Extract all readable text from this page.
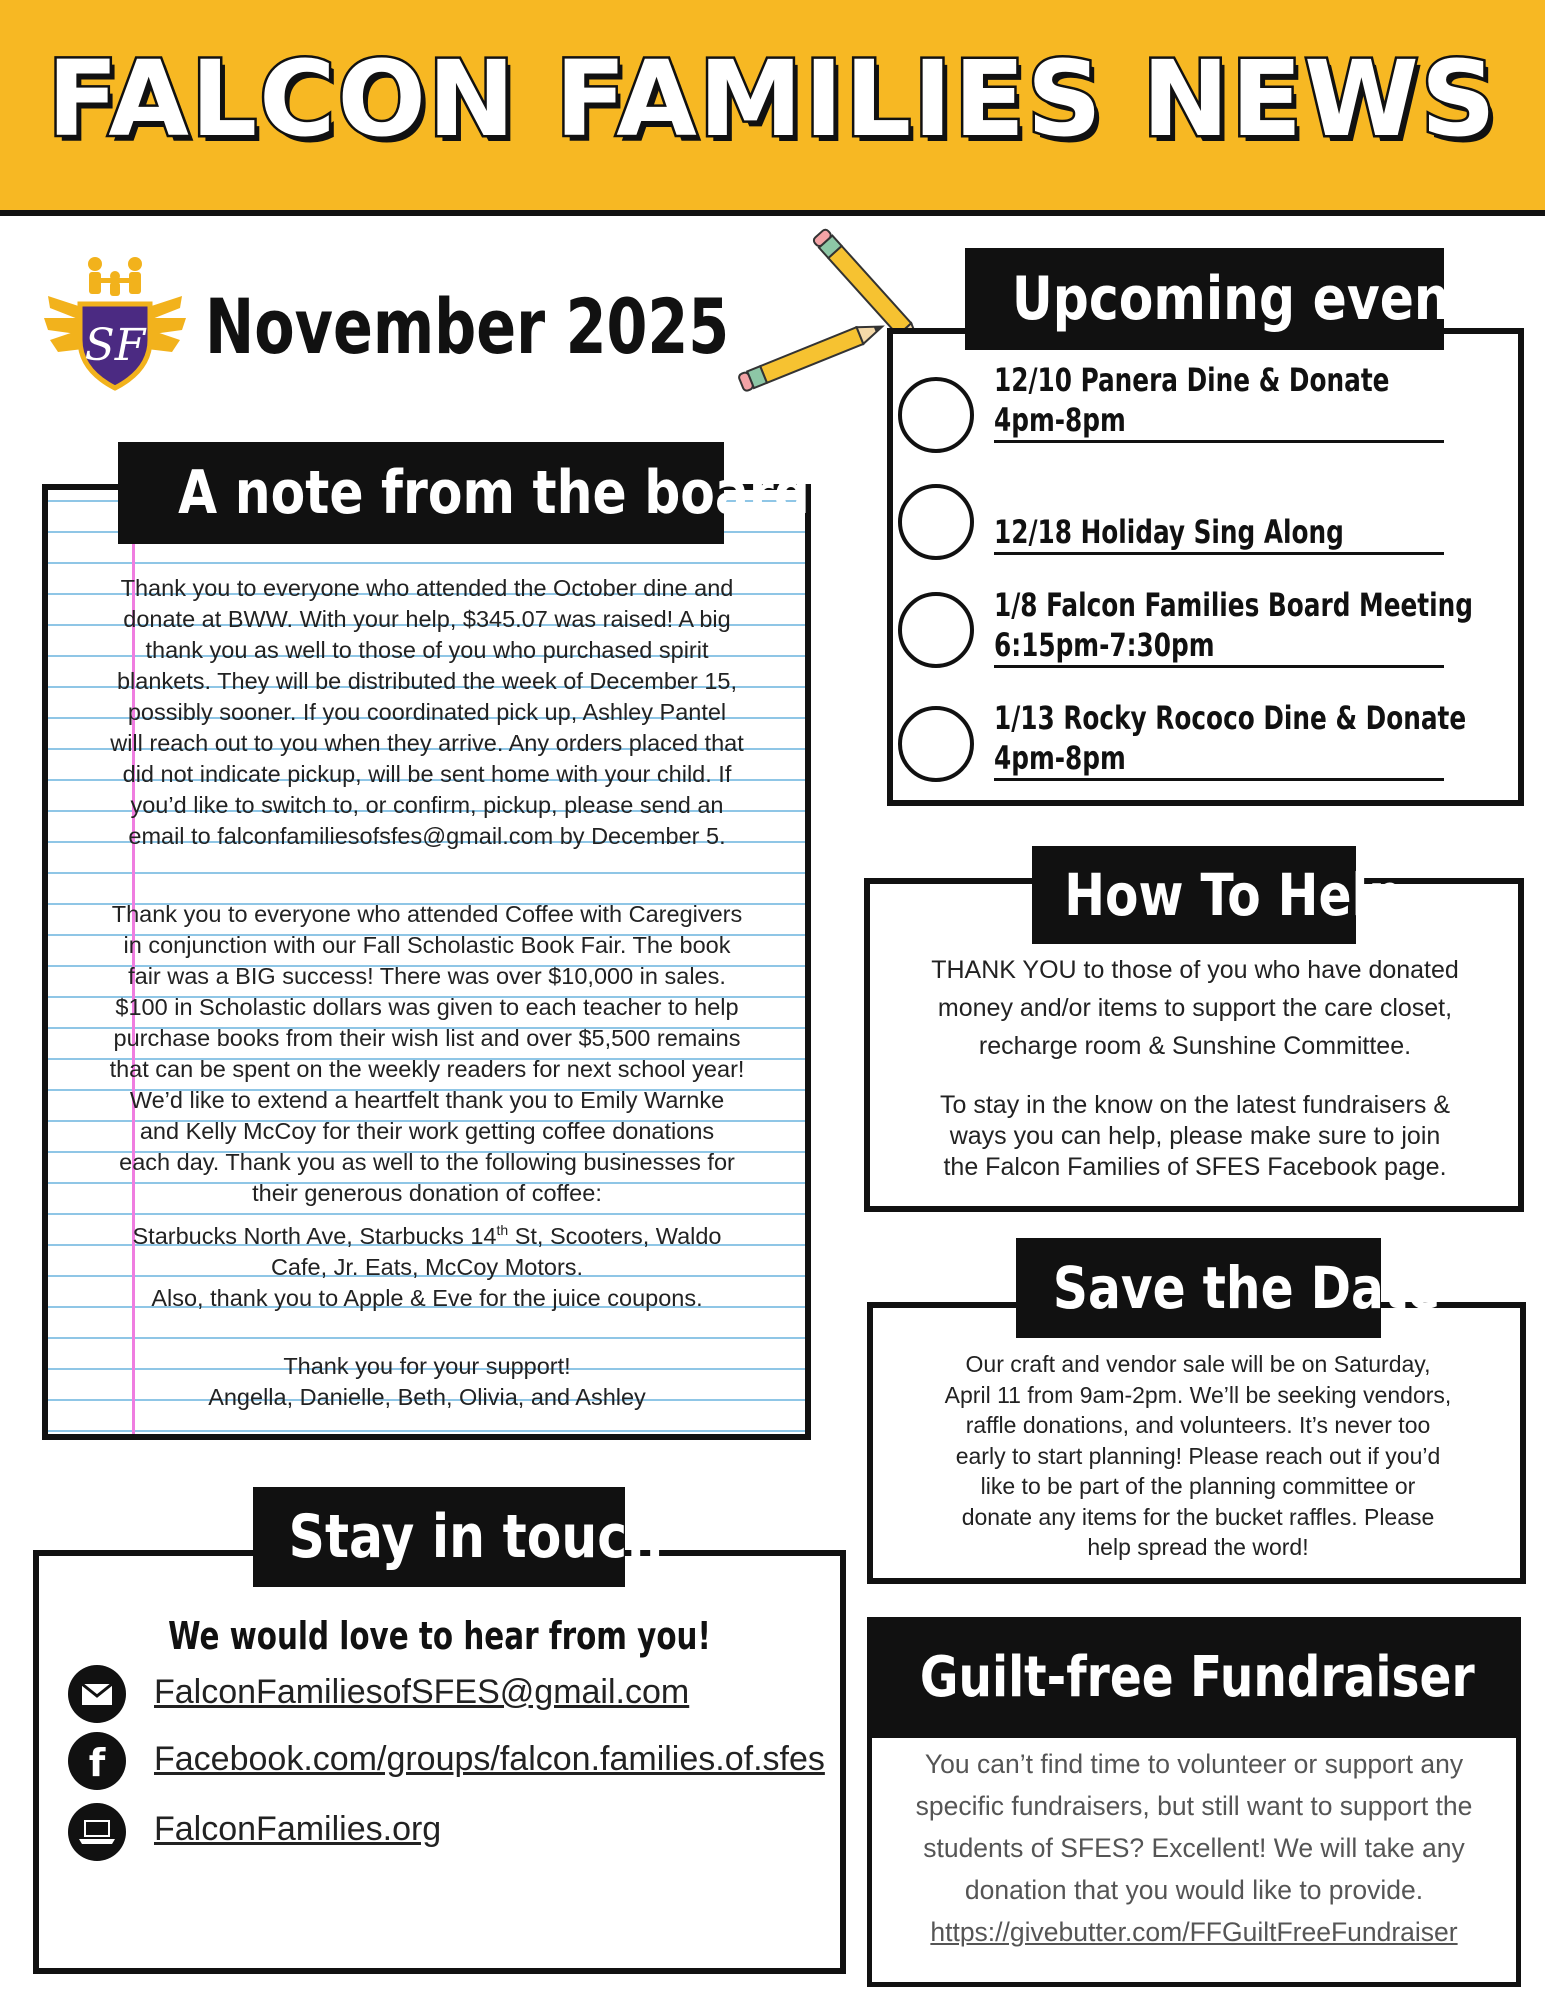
FALCON FAMILIES NEWS
SF November 2025
A note from the board
Thank you to everyone who attended the October dine and
donate at BWW. With your help, $345.07 was raised! A big
thank you as well to those of you who purchased spirit
blankets. They will be distributed the week of December 15,
possibly sooner. If you coordinated pick up, Ashley Pantel
will reach out to you when they arrive. Any orders placed that
did not indicate pickup, will be sent home with your child. If
you’d like to switch to, or confirm, pickup, please send an
email to falconfamiliesofsfes@gmail.com by December 5.
Thank you to everyone who attended Coffee with Caregivers
in conjunction with our Fall Scholastic Book Fair. The book
fair was a BIG success! There was over $10,000 in sales.
$100 in Scholastic dollars was given to each teacher to help
purchase books from their wish list and over $5,500 remains
that can be spent on the weekly readers for next school year!
We’d like to extend a heartfelt thank you to Emily Warnke
and Kelly McCoy for their work getting coffee donations
each day. Thank you as well to the following businesses for
their generous donation of coffee:
Starbucks North Ave, Starbucks 14th St, Scooters, Waldo
Cafe, Jr. Eats, McCoy Motors.
Also, thank you to Apple & Eve for the juice coupons.
Thank you for your support!
Angella, Danielle, Beth, Olivia, and Ashley
Upcoming events
12/10 Panera Dine & Donate
4pm-8pm
12/18 Holiday Sing Along
1/8 Falcon Families Board Meeting
6:15pm-7:30pm
1/13 Rocky Rococo Dine & Donate
4pm-8pm
How To Help
THANK YOU to those of you who have donated
money and/or items to support the care closet,
recharge room & Sunshine Committee.
To stay in the know on the latest fundraisers &
ways you can help, please make sure to join
the Falcon Families of SFES Facebook page.
Save the Date
Our craft and vendor sale will be on Saturday,
April 11 from 9am-2pm. We’ll be seeking vendors,
raffle donations, and volunteers. It’s never too
early to start planning! Please reach out if you’d
like to be part of the planning committee or
donate any items for the bucket raffles. Please
help spread the word!
Guilt-free Fundraiser
You can’t find time to volunteer or support any
specific fundraisers, but still want to support the
students of SFES? Excellent! We will take any
donation that you would like to provide.
https://givebutter.com/FFGuiltFreeFundraiser
Stay in touch
We would love to hear from you!
FalconFamiliesofSFES@gmail.com
f Facebook.com/groups/falcon.families.of.sfes
FalconFamilies.org
